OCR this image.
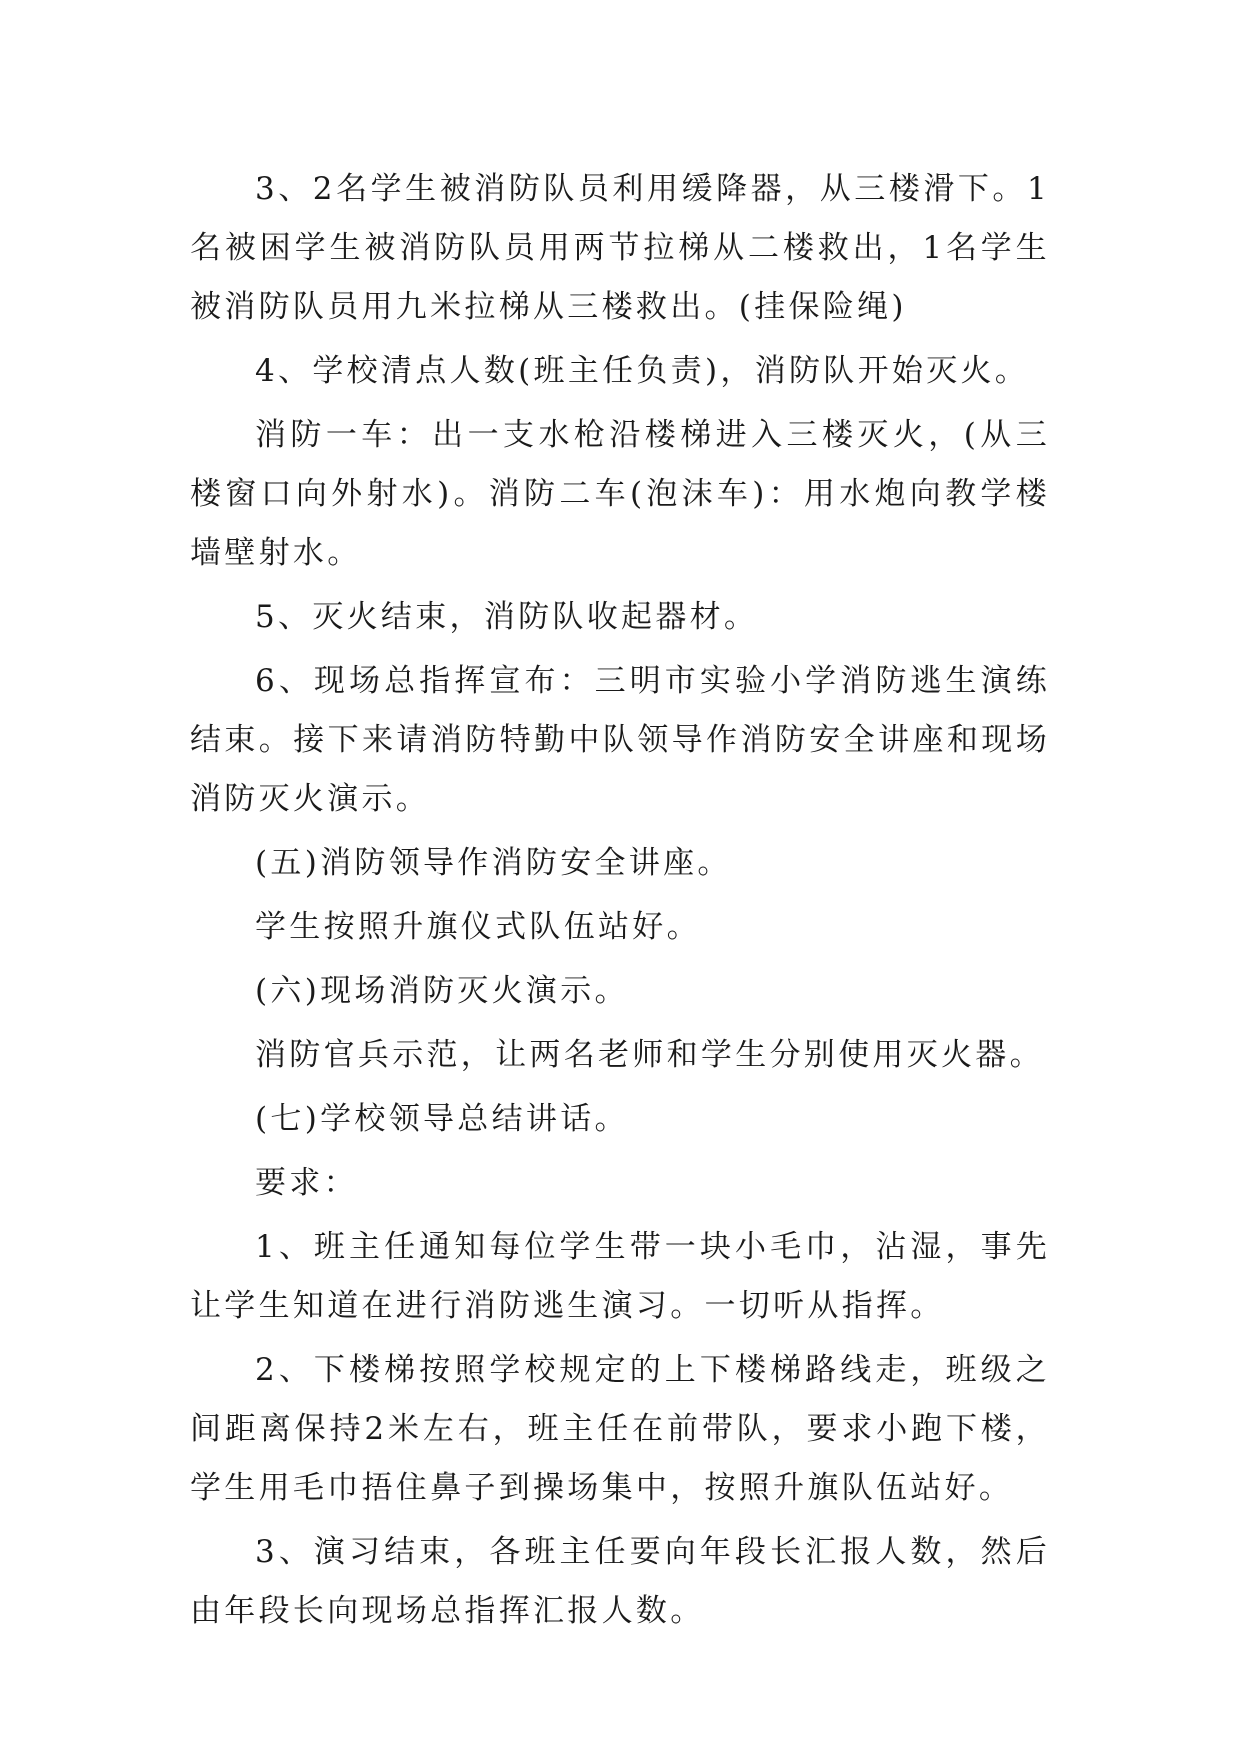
3、2名学生被消防队员利用缓降器，从三楼滑下。1名被困学生被消防队员用两节拉梯从二楼救出，1名学生被消防队员用九米拉梯从三楼救出。(挂保险绳)

4、学校清点人数(班主任负责)，消防队开始灭火。

消防一车：出一支水枪沿楼梯进入三楼灭火，(从三楼窗口向外射水)。消防二车(泡沫车)：用水炮向教学楼墙壁射水。

5、灭火结束，消防队收起器材。

6、现场总指挥宣布：三明市实验小学消防逃生演练结束。接下来请消防特勤中队领导作消防安全讲座和现场消防灭火演示。

(五)消防领导作消防安全讲座。

学生按照升旗仪式队伍站好。

(六)现场消防灭火演示。

消防官兵示范，让两名老师和学生分别使用灭火器。

(七)学校领导总结讲话。

要求：

1、班主任通知每位学生带一块小毛巾，沾湿，事先让学生知道在进行消防逃生演习。一切听从指挥。

2、下楼梯按照学校规定的上下楼梯路线走，班级之间距离保持2米左右，班主任在前带队，要求小跑下楼，学生用毛巾捂住鼻子到操场集中，按照升旗队伍站好。

3、演习结束，各班主任要向年段长汇报人数，然后由年段长向现场总指挥汇报人数。
